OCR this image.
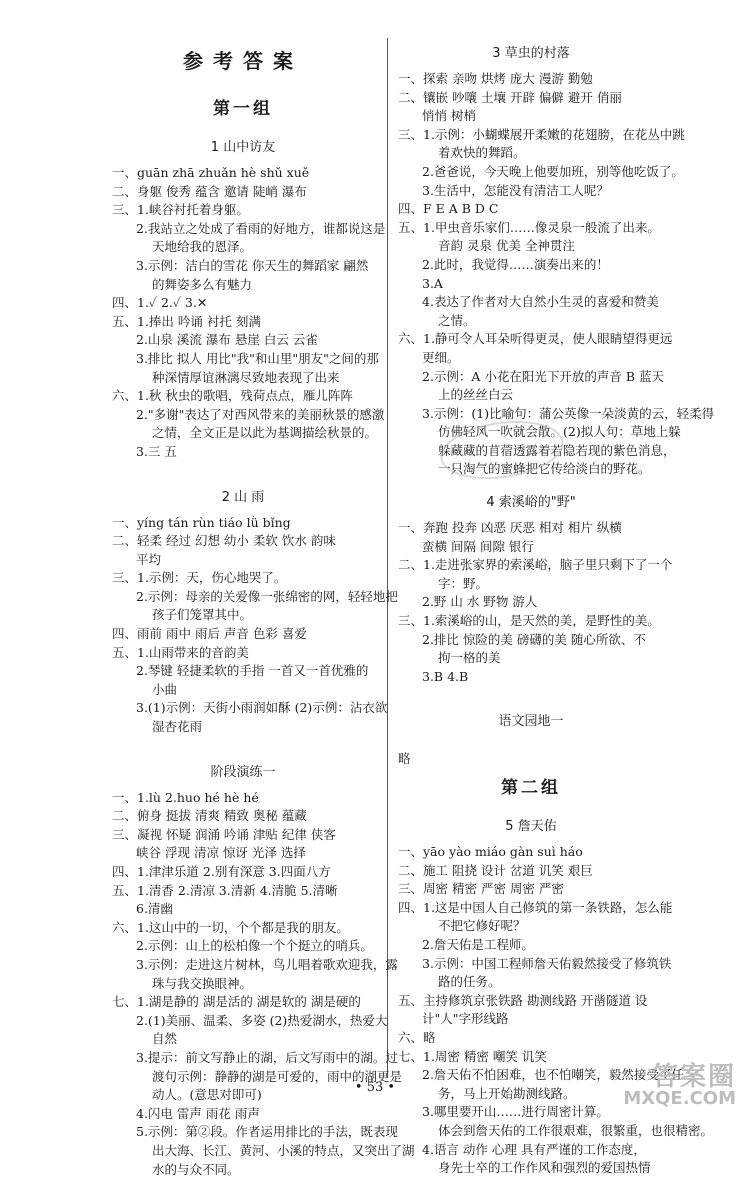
参考答案
第一组
1 山中访友
一、guān zhā zhuǎn hè shǔ xuě
二、身躯 俊秀 蕴含 邀请 陡峭 瀑布
三、1.峡谷衬托着身躯。
2.我站立之处成了看雨的好地方，谁都说这是
天地给我的恩泽。
3.示例：洁白的雪花 你天生的舞蹈家 翩然
的舞姿多么有魅力
四、1.✓ 2.✓ 3.✕
五、1.捧出 吟诵 衬托 刻满
2.山泉 溪流 瀑布 悬崖 白云 云雀
3.排比 拟人 用比"我"和山里"朋友"之间的那
种深情厚谊淋漓尽致地表现了出来
六、1.秋 秋虫的歌唱，残荷点点，雁儿阵阵
2."多谢"表达了对西风带来的美丽秋景的感激
之情，全文正是以此为基调描绘秋景的。
3.三 五
2 山 雨
一、yíng tán rùn tiáo lǜ bǐng
二、轻柔 经过 幻想 幼小 柔软 饮水 韵味
平均
三、1.示例：天，伤心地哭了。
2.示例：母亲的关爱像一张绵密的网，轻轻地把
孩子们笼罩其中。
四、雨前 雨中 雨后 声音 色彩 喜爱
五、1.山雨带来的音韵美
2.琴键 轻捷柔软的手指 一首又一首优雅的
小曲
3.(1)示例：天街小雨润如酥 (2)示例：沾衣欲
湿杏花雨
阶段演练一
一、1.lù 2.huo hé hè hé
二、俯身 挺拔 清爽 精致 奥秘 蕴藏
三、凝视 怀疑 润涌 吟诵 津贴 纪律 侠客
峡谷 浮现 清凉 惊讶 光泽 选择
四、1.津津乐道 2.别有深意 3.四面八方
五、1.清香 2.清凉 3.清新 4.清脆 5.清晰
6.清幽
六、1.这山中的一切，个个都是我的朋友。
2.示例：山上的松柏像一个个挺立的哨兵。
3.示例：走进这片树林，鸟儿唱着歌欢迎我，露
珠与我交换眼神。
七、1.湖是静的 湖是活的 湖是软的 湖是硬的
2.(1)美丽、温柔、多姿 (2)热爱湖水，热爱大
自然
3.提示：前文写静止的湖，后文写雨中的湖。过
渡句示例：静静的湖是可爱的，雨中的湖更是
动人。(意思对即可)
4.闪电 雷声 雨花 雨声
5.示例：第②段。作者运用排比的手法，既表现
出大海、长江、黄河、小溪的特点，又突出了湖
水的与众不同。
3 草虫的村落
一、探索 亲吻 烘烤 庞大 漫游 勤勉
二、镶嵌 吵嚷 土壤 开辟 偏僻 避开 俏丽
悄悄 树梢
三、1.示例：小蝴蝶展开柔嫩的花翅膀，在花丛中跳
着欢快的舞蹈。
2.爸爸说，今天晚上他要加班，别等他吃饭了。
3.生活中，怎能没有清洁工人呢？
四、F E A B D C
五、1.甲虫音乐家们……像灵泉一般流了出来。
音韵 灵泉 优美 全神贯注
2.此时，我觉得……演奏出来的！
3.A
4.表达了作者对大自然小生灵的喜爱和赞美
之情。
六、1.静可令人耳朵听得更灵，使人眼睛望得更远
更细。
2.示例：A 小花在阳光下开放的声音 B 蓝天
上的丝丝白云
3.示例：(1)比喻句：蒲公英像一朵淡黄的云，轻柔得
仿佛轻风一吹就会散。(2)拟人句：草地上躲
躲藏藏的苜蓿透露着若隐若现的紫色消息，
一只淘气的蜜蜂把它传给淡白的野花。
4 索溪峪的"野"
一、奔跑 投奔 凶恶 厌恶 相对 相片 纵横
蛮横 间隔 间隙 银行
二、1.走进张家界的索溪峪，脑子里只剩下了一个
字：野。
2.野 山 水 野物 游人
三、1.索溪峪的山，是天然的美，是野性的美。
2.排比 惊险的美 磅礴的美 随心所欲、不
拘一格的美
3.B 4.B
语文园地一
略
第二组
5 詹天佑
一、yāo yào miáo gàn suì háo
二、施工 阻挠 设计 岔道 讥笑 艰巨
三、周密 精密 严密 周密 严密
四、1.这是中国人自己修筑的第一条铁路，怎么能
不把它修好呢？
2.詹天佑是工程师。
3.示例：中国工程师詹天佑毅然接受了修筑铁
路的任务。
五、主持修筑京张铁路 勘测线路 开凿隧道 设
计"人"字形线路
六、略
七、1.周密 精密 嘲笑 讥笑
2.詹天佑不怕困难，也不怕嘲笑，毅然接受了任
务，马上开始勘测线路。
3.哪里要开山……进行周密计算。
体会到詹天佑的工作很艰难，很繁重，也很精密。
4.语言 动作 心理 具有严谨的工作态度，
身先士卒的工作作风和强烈的爱国热情
• 53 •	答案圈
MXQE.COM
